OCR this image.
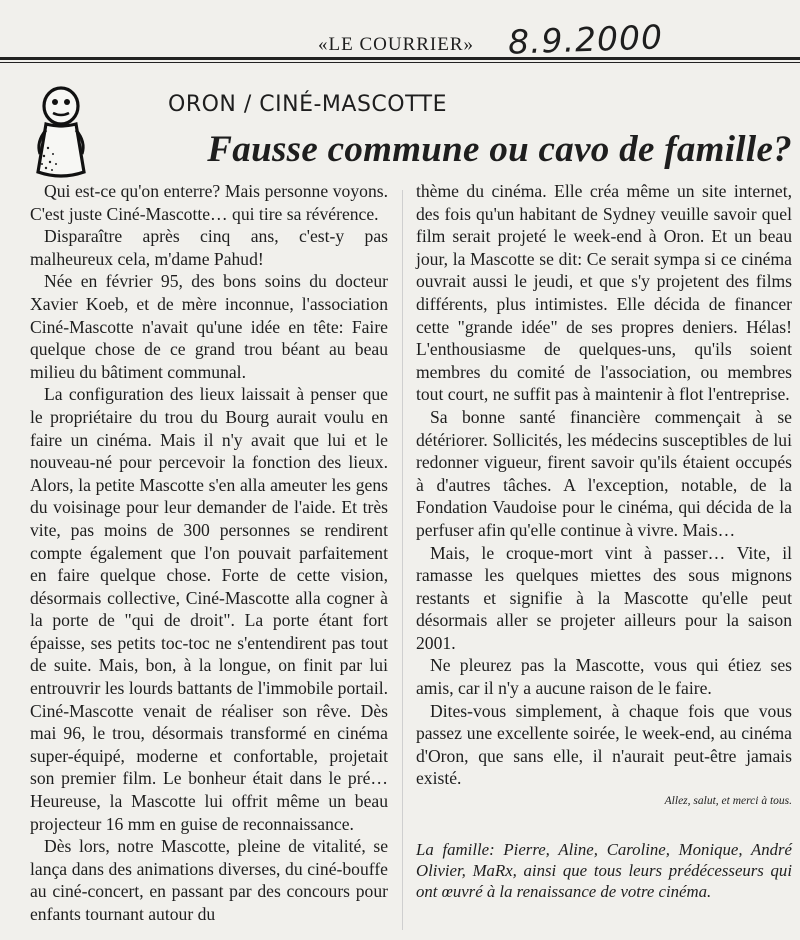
«LE COURRIER» 8.9.2000
ORON / CINÉ-MASCOTTE
Fausse commune ou cavo de famille?

Qui est-ce qu'on enterre? Mais personne voyons. C'est juste Ciné-Mascotte… qui tire sa révérence.

Disparaître après cinq ans, c'est-y pas malheureux cela, m'dame Pahud!

Née en février 95, des bons soins du docteur Xavier Koeb, et de mère inconnue, l'association Ciné-Mascotte n'avait qu'une idée en tête: Faire quelque chose de ce grand trou béant au beau milieu du bâtiment communal.

La configuration des lieux laissait à penser que le propriétaire du trou du Bourg aurait voulu en faire un cinéma. Mais il n'y avait que lui et le nouveau-né pour percevoir la fonction des lieux. Alors, la petite Mascotte s'en alla ameuter les gens du voisinage pour leur demander de l'aide. Et très vite, pas moins de 300 personnes se rendirent compte également que l'on pouvait parfaitement en faire quelque chose. Forte de cette vision, désormais collective, Ciné-Mascotte alla cogner à la porte de "qui de droit". La porte étant fort épaisse, ses petits toc-toc ne s'entendirent pas tout de suite. Mais, bon, à la longue, on finit par lui entrouvrir les lourds battants de l'immobile portail. Ciné-Mascotte venait de réaliser son rêve. Dès mai 96, le trou, désormais transformé en cinéma super-équipé, moderne et confortable, projetait son premier film. Le bonheur était dans le pré… Heureuse, la Mascotte lui offrit même un beau projecteur 16 mm en guise de reconnaissance.

Dès lors, notre Mascotte, pleine de vitalité, se lança dans des animations diverses, du ciné-bouffe au ciné-concert, en passant par des concours pour enfants tournant autour du

thème du cinéma. Elle créa même un site internet, des fois qu'un habitant de Sydney veuille savoir quel film serait projeté le week-end à Oron. Et un beau jour, la Mascotte se dit: Ce serait sympa si ce cinéma ouvrait aussi le jeudi, et que s'y projetent des films différents, plus intimistes. Elle décida de financer cette "grande idée" de ses propres deniers. Hélas! L'enthousiasme de quelques-uns, qu'ils soient membres du comité de l'association, ou membres tout court, ne suffit pas à maintenir à flot l'entreprise.

Sa bonne santé financière commençait à se détériorer. Sollicités, les médecins susceptibles de lui redonner vigueur, firent savoir qu'ils étaient occupés à d'autres tâches. A l'exception, notable, de la Fondation Vaudoise pour le cinéma, qui décida de la perfuser afin qu'elle continue à vivre. Mais…

Mais, le croque-mort vint à passer… Vite, il ramasse les quelques miettes des sous mignons restants et signifie à la Mascotte qu'elle peut désormais aller se projeter ailleurs pour la saison 2001.

Ne pleurez pas la Mascotte, vous qui étiez ses amis, car il n'y a aucune raison de le faire.

Dites-vous simplement, à chaque fois que vous passez une excellente soirée, le week-end, au cinéma d'Oron, que sans elle, il n'aurait peut-être jamais existé.

Allez, salut, et merci à tous.

La famille: Pierre, Aline, Caroline, Monique, André Olivier, MaRx, ainsi que tous leurs prédécesseurs qui ont œuvré à la renaissance de votre cinéma.
